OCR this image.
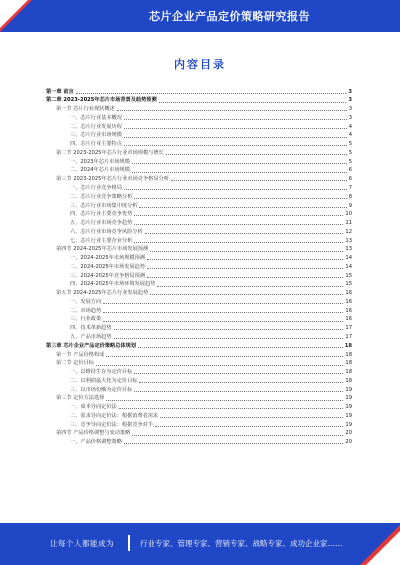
芯片企业产品定价策略研究报告
内容目录
第一章 前言	3
第二章 2023-2025年芯片市场背景及趋势预测	3
第一节 芯片行业现状概述	3
一、芯片行业基本概况	3
二、芯片行业发展历程	4
三、芯片行业市场规模	4
四、芯片行业主要特点	5
第二节 2023-2025年芯片行业市场规模与增长	5
一、2023年芯片市场规模	5
二、2024年芯片市场规模	6
第三节 2023-2025年芯片行业市场竞争格局分析	6
一、芯片行业竞争格局	7
二、芯片行业竞争策略分析	8
三、芯片行业市场集中度分析	9
四、芯片行业主要竞争优势	10
五、芯片行业市场竞争趋势	11
六、芯片行业市场竞争风险分析	12
七、芯片行业主要企业分析	13
第四节 2024-2025年芯片市场发展预测	13
一、2024-2025年市场规模预测	14
二、2024-2025年市场发展趋势	14
三、2024-2025年竞争格局预测	15
四、2024-2025年市场环境发展趋势	15
第五节 2024-2025年芯片行业发展趋势	16
一、发展方向	16
二、市场趋势	16
三、行业政策	16
四、技术革新趋势	17
五、产品市场趋势	17
第三章 芯片企业产品定价策略总体规划	18
第一节 产品价格构成	18
第二节 定价目标	18
一、以维持生存为定价目标	18
二、以利润最大化为定价目标	18
三、以市场份额为定价目标	19
第三节 定价方法选择	19
一、成本导向定价法	19
二、需求导向定价法：根据消费者需求	19
三、竞争导向定价法：根据竞争对手	19
第四节 产品价格调整与变动策略	20
一、产品价格调整策略	20
让每个人都能成为	行业专家、管理专家、营销专家、战略专家、成功企业家……
